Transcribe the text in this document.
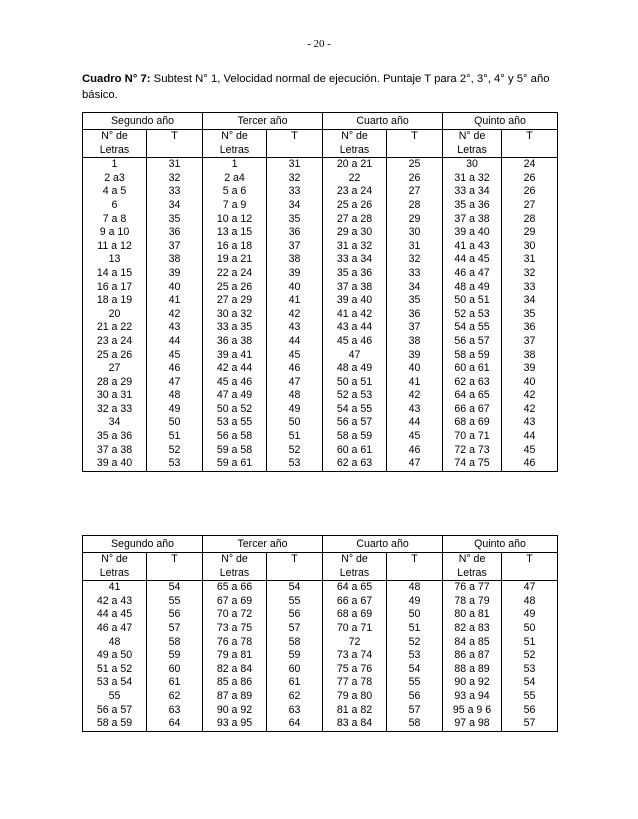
- 20 -
Cuadro N° 7: Subtest N° 1, Velocidad normal de ejecución. Puntaje T para 2°, 3°, 4° y 5° año básico.
Segundo año		Tercer año		Cuarto año		Quinto año	
N° de	T	N° de	T	N° de	T	N° de	T
Letras		Letras		Letras		Letras	
1	31	1	31	20 a 21	25	30	24
2 a3	32	2 a4	32	22	26	31 a 32	26
4 a 5	33	5 a 6	33	23 a 24	27	33 a 34	26
6	34	7 a 9	34	25 a 26	28	35 a 36	27
7 a 8	35	10 a 12	35	27 a 28	29	37 a 38	28
9 a 10	36	13 a 15	36	29 a 30	30	39 a 40	29
11 a 12	37	16 a 18	37	31 a 32	31	41 a 43	30
13	38	19 a 21	38	33 a 34	32	44 a 45	31
14 a 15	39	22 a 24	39	35 a 36	33	46 a 47	32
16 a 17	40	25 a 26	40	37 a 38	34	48 a 49	33
18 a 19	41	27 a 29	41	39 a 40	35	50 a 51	34
20	42	30 a 32	42	41 a 42	36	52 a 53	35
21 a 22	43	33 a 35	43	43 a 44	37	54 a 55	36
23 a 24	44	36 a 38	44	45 a 46	38	56 a 57	37
25 a 26	45	39 a 41	45	47	39	58 a 59	38
27	46	42 a 44	46	48 a 49	40	60 a 61	39
28 a 29	47	45 a 46	47	50 a 51	41	62 a 63	40
30 a 31	48	47 a 49	48	52 a 53	42	64 a 65	42
32 a 33	49	50 a 52	49	54 a 55	43	66 a 67	42
34	50	53 a 55	50	56 a 57	44	68 a 69	43
35 a 36	51	56 a 58	51	58 a 59	45	70 a 71	44
37 a 38	52	59 a 58	52	60 a 61	46	72 a 73	45
39 a 40	53	59 a 61	53	62 a 63	47	74 a 75	46
Segundo año		Tercer año		Cuarto año		Quinto año	
N° de	T	N° de	T	N° de	T	N° de	T
Letras		Letras		Letras		Letras	
41	54	65 a 66	54	64 a 65	48	76 a 77	47
42 a 43	55	67 a 69	55	66 a 67	49	78 a 79	48
44 a 45	56	70 a 72	56	68 a 69	50	80 a 81	49
46 a 47	57	73 a 75	57	70 a 71	51	82 a 83	50
48	58	76 a 78	58	72	52	84 a 85	51
49 a 50	59	79 a 81	59	73 a 74	53	86 a 87	52
51 a 52	60	82 a 84	60	75 a 76	54	88 a 89	53
53 a 54	61	85 a 86	61	77 a 78	55	90 a 92	54
55	62	87 a 89	62	79 a 80	56	93 a 94	55
56 a 57	63	90 a 92	63	81 a 82	57	95 a 9 6	56
58 a 59	64	93 a 95	64	83 a 84	58	97 a 98	57
